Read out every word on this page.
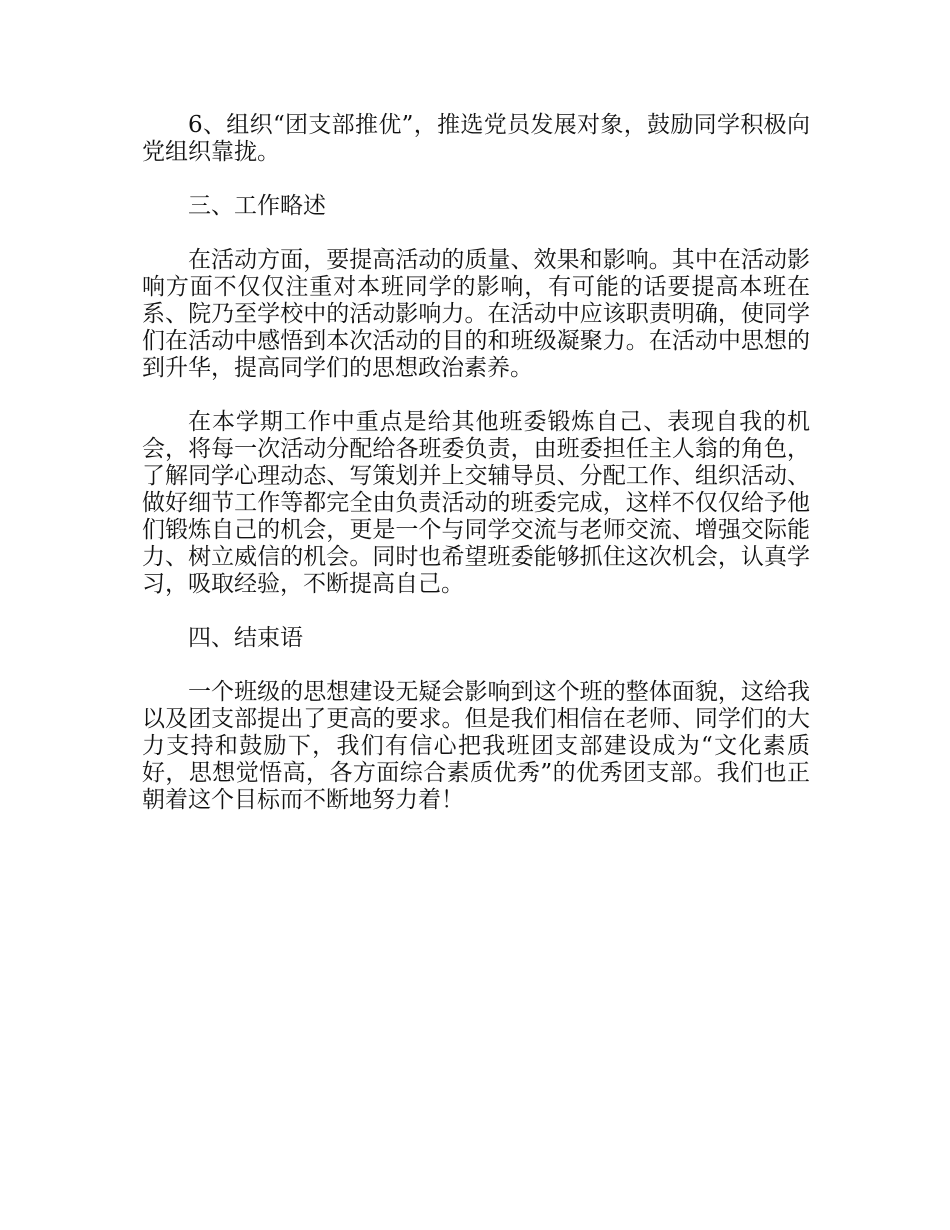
6、组织“团支部推优”，推选党员发展对象，鼓励同学积极向党组织靠拢。

三、工作略述

在活动方面，要提高活动的质量、效果和影响。其中在活动影响方面不仅仅注重对本班同学的影响，有可能的话要提高本班在系、院乃至学校中的活动影响力。在活动中应该职责明确，使同学们在活动中感悟到本次活动的目的和班级凝聚力。在活动中思想的到升华，提高同学们的思想政治素养。

在本学期工作中重点是给其他班委锻炼自己、表现自我的机会，将每一次活动分配给各班委负责，由班委担任主人翁的角色，了解同学心理动态、写策划并上交辅导员、分配工作、组织活动、做好细节工作等都完全由负责活动的班委完成，这样不仅仅给予他们锻炼自己的机会，更是一个与同学交流与老师交流、增强交际能力、树立威信的机会。同时也希望班委能够抓住这次机会，认真学习，吸取经验，不断提高自己。

四、结束语

一个班级的思想建设无疑会影响到这个班的整体面貌，这给我以及团支部提出了更高的要求。但是我们相信在老师、同学们的大力支持和鼓励下，我们有信心把我班团支部建设成为“文化素质好，思想觉悟高，各方面综合素质优秀”的优秀团支部。我们也正朝着这个目标而不断地努力着！
